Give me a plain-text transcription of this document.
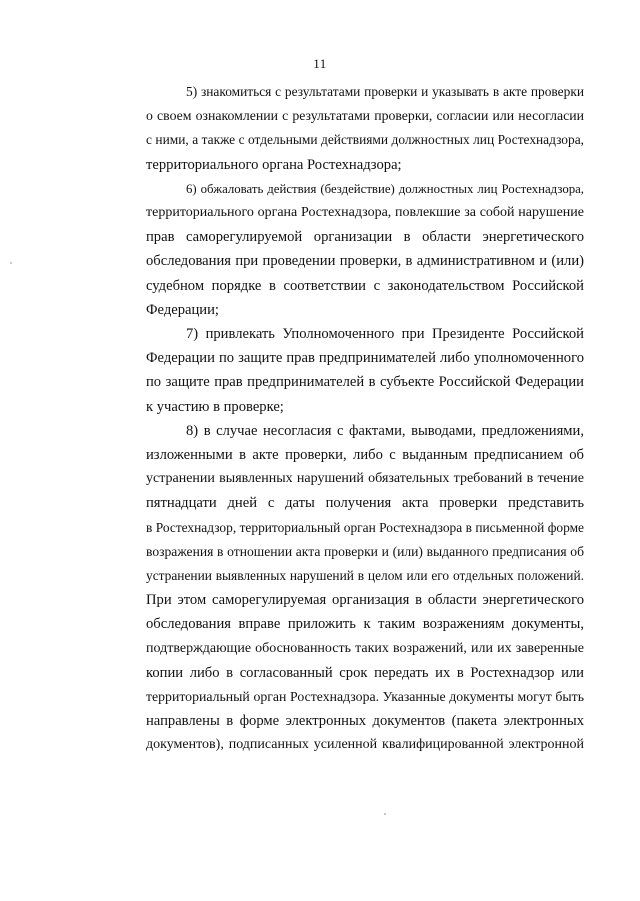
11
5) знакомиться с результатами проверки и указывать в акте проверки
о своем ознакомлении с результатами проверки, согласии или несогласии
с ними, а также с отдельными действиями должностных лиц Ростехнадзора,
территориального органа Ростехнадзора;
6) обжаловать действия (бездействие) должностных лиц Ростехнадзора,
территориального органа Ростехнадзора, повлекшие за собой нарушение
прав саморегулируемой организации в области энергетического
обследования при проведении проверки, в административном и (или)
судебном порядке в соответствии с законодательством Российской
Федерации;
7) привлекать Уполномоченного при Президенте Российской
Федерации по защите прав предпринимателей либо уполномоченного
по защите прав предпринимателей в субъекте Российской Федерации
к участию в проверке;
8) в случае несогласия с фактами, выводами, предложениями,
изложенными в акте проверки, либо с выданным предписанием об
устранении выявленных нарушений обязательных требований в течение
пятнадцати дней с даты получения акта проверки представить
в Ростехнадзор, территориальный орган Ростехнадзора в письменной форме
возражения в отношении акта проверки и (или) выданного предписания об
устранении выявленных нарушений в целом или его отдельных положений.
При этом саморегулируемая организация в области энергетического
обследования вправе приложить к таким возражениям документы,
подтверждающие обоснованность таких возражений, или их заверенные
копии либо в согласованный срок передать их в Ростехнадзор или
территориальный орган Ростехнадзора. Указанные документы могут быть
направлены в форме электронных документов (пакета электронных
документов), подписанных усиленной квалифицированной электронной
